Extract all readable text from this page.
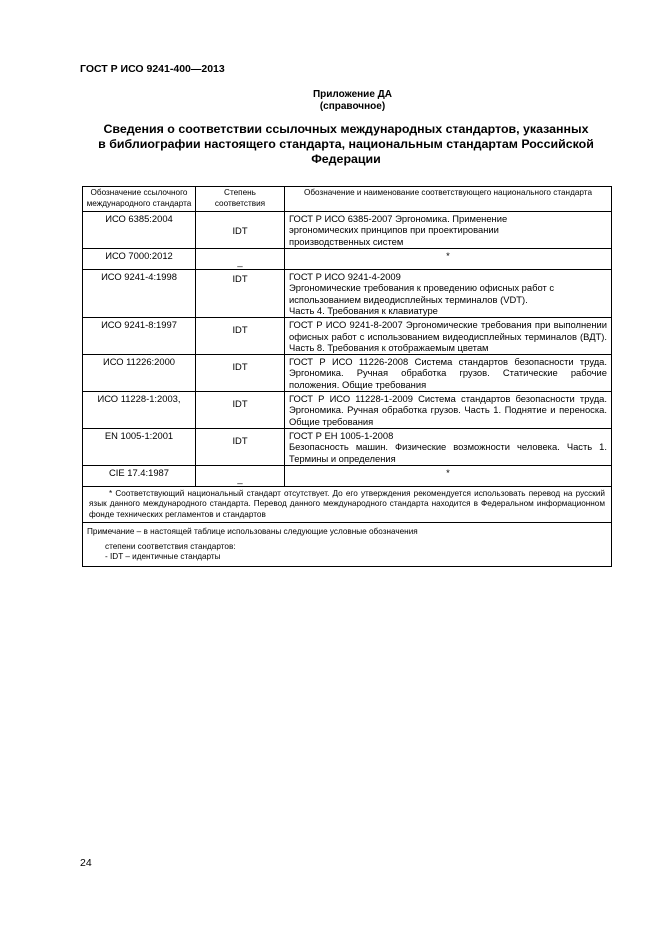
ГОСТ Р ИСО 9241-400—2013
Приложение ДА
(справочное)
Сведения о соответствии ссылочных международных стандартов, указанных
в библиографии настоящего стандарта, национальным стандартам Российской
Федерации
Обозначение ссылочного международного стандарта	Степень соответствия	Обозначение и наименование соответствующего национального стандарта
ИСО 6385:2004	IDT	ГОСТ Р ИСО 6385-2007 Эргономика. Применение
эргономических принципов при проектировании
производственных систем

ИСО 7000:2012	_	*

ИСО 9241-4:1998	IDT	ГОСТ Р ИСО 9241-4-2009
Эргономические требования к проведению офисных работ с использованием видеодисплейных терминалов (VDT).
Часть 4. Требования к клавиатуре

ИСО 9241-8:1997	IDT	ГОСТ Р ИСО 9241-8-2007 Эргономические требования при выполнении офисных работ с использованием видеодисплейных терминалов (ВДТ). Часть 8. Требования к отображаемым цветам
ИСО 11226:2000	IDT	ГОСТ Р ИСО 11226-2008 Система стандартов безопасности труда. Эргономика. Ручная обработка грузов. Статические рабочие положения. Общие требования
ИСО 11228-1:2003,	IDT	ГОСТ Р ИСО 11228-1-2009 Система стандартов безопасности труда. Эргономика. Ручная обработка грузов. Часть 1. Поднятие и переноска. Общие требования
EN 1005-1:2001	IDT	ГОСТ Р ЕН 1005-1-2008
Безопасность машин. Физические возможности человека. Часть 1. Термины и определения

CIE 17.4:1987	_	*

* Соответствующий национальный стандарт отсутствует. До его утверждения рекомендуется использовать перевод на русский язык данного международного стандарта. Перевод данного международного стандарта находится в Федеральном информационном фонде технических регламентов и стандартов		

Примечание – в настоящей таблице использованы следующие условные обозначения

степени соответствия стандартов:

- IDT – идентичные стандарты		

24
